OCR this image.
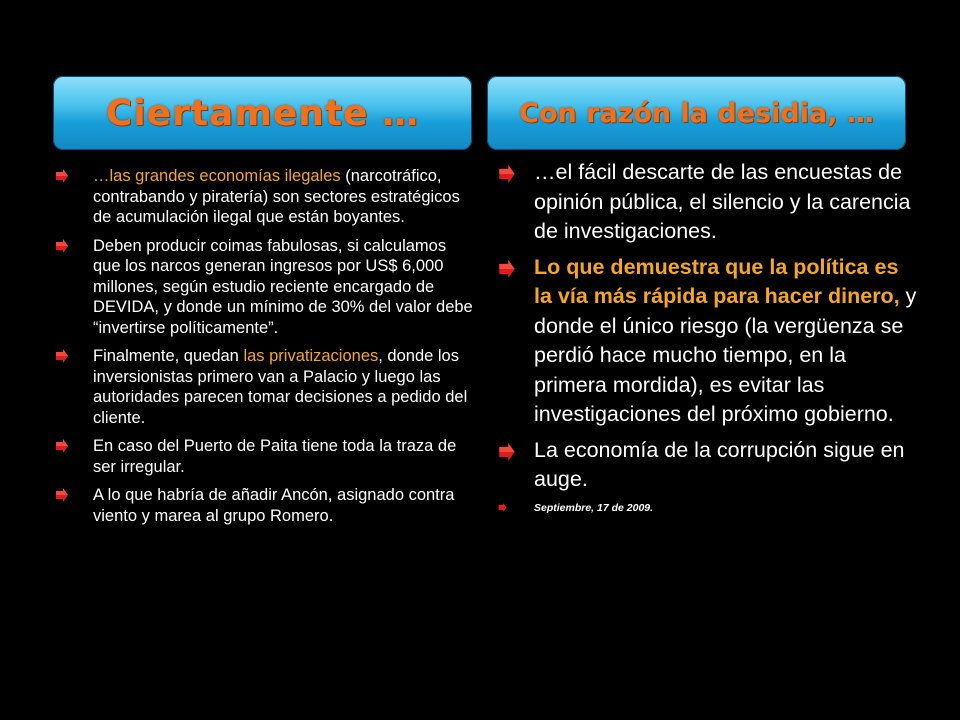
Ciertamente …	Con razón la desidia, …
…las grandes economías ilegales (narcotráfico, contrabando y piratería) son sectores estratégicos de acumulación ilegal que están boyantes.
Deben producir coimas fabulosas, si calculamos que los narcos generan ingresos por US$ 6,000 millones, según estudio reciente encargado de DEVIDA, y donde un mínimo de 30% del valor debe “invertirse políticamente”.
Finalmente, quedan las privatizaciones, donde los inversionistas primero van a Palacio y luego las autoridades parecen tomar decisiones a pedido del cliente.
En caso del Puerto de Paita tiene toda la traza de ser irregular.
A lo que habría de añadir Ancón, asignado contra viento y marea al grupo Romero.
…el fácil descarte de las encuestas de opinión pública, el silencio y la carencia de investigaciones.
Lo que demuestra que la política es la vía más rápida para hacer dinero, y donde el único riesgo (la vergüenza se perdió hace mucho tiempo, en la primera mordida), es evitar las investigaciones del próximo gobierno.
La economía de la corrupción sigue en auge.
Septiembre, 17 de 2009.
